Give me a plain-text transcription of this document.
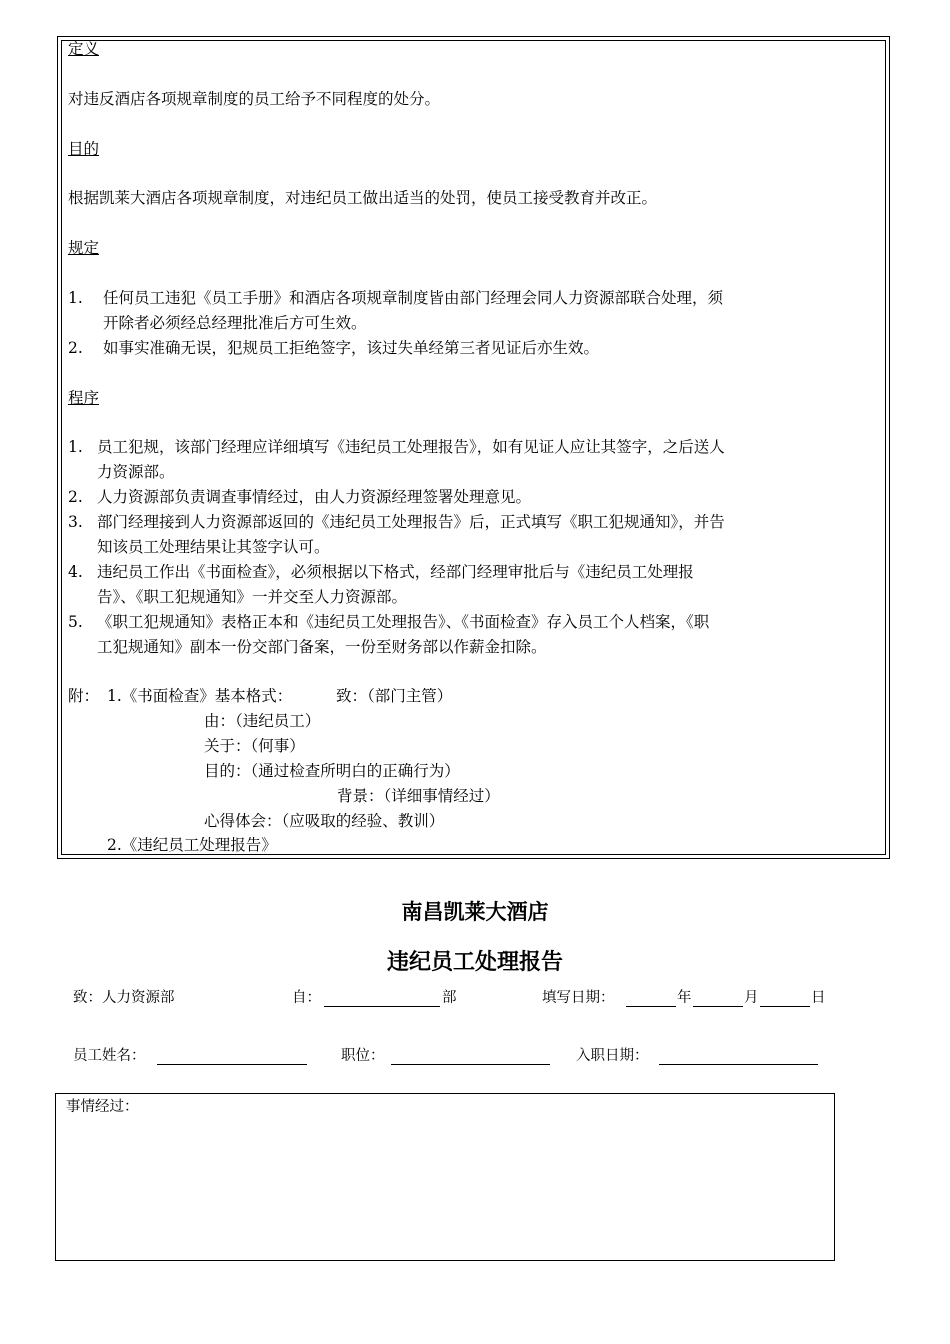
定义
对违反酒店各项规章制度的员工给予不同程度的处分。
目的
根据凯莱大酒店各项规章制度，对违纪员工做出适当的处罚，使员工接受教育并改正。
规定
1. 任何员工违犯《员工手册》和酒店各项规章制度皆由部门经理会同人力资源部联合处理，须
开除者必须经总经理批准后方可生效。
2. 如事实准确无误，犯规员工拒绝签字，该过失单经第三者见证后亦生效。
程序
1. 员工犯规，该部门经理应详细填写《违纪员工处理报告》，如有见证人应让其签字，之后送人
力资源部。
2. 人力资源部负责调查事情经过，由人力资源经理签署处理意见。
3. 部门经理接到人力资源部返回的《违纪员工处理报告》后，正式填写《职工犯规通知》，并告
知该员工处理结果让其签字认可。
4. 违纪员工作出《书面检查》，必须根据以下格式，经部门经理审批后与《违纪员工处理报
告》、《职工犯规通知》一并交至人力资源部。
5. 《职工犯规通知》表格正本和《违纪员工处理报告》、《书面检查》存入员工个人档案，《职
工犯规通知》副本一份交部门备案，一份至财务部以作薪金扣除。
附： 1.《书面检查》基本格式：	致：（部门主管）
由：（违纪员工）
关于：（何事）
目的：（通过检查所明白的正确行为）
背景：（详细事情经过）
心得体会：（应吸取的经验、教训）
2.《违纪员工处理报告》
南昌凯莱大酒店
违纪员工处理报告
致：人力资源部	自：	部	填写日期：	年	月	日
员工姓名：	职位：	入职日期：
事情经过：
